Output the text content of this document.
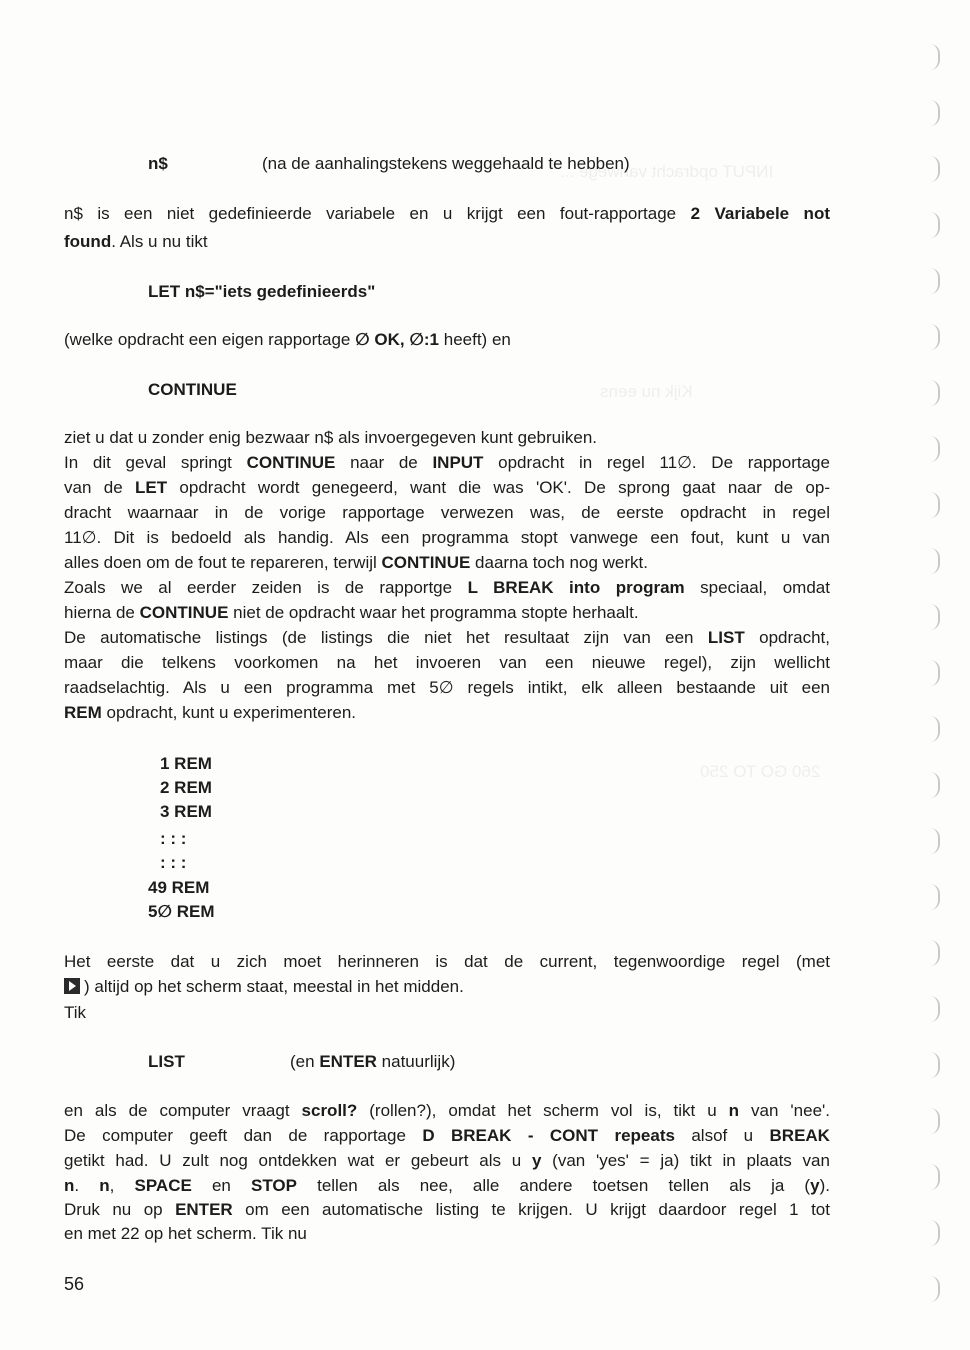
INPUT opdracht vanwege ...
Kijk nu eens
260 GO TO 250
n$	(na de aanhalingstekens weggehaald te hebben)
n$ is een niet gedefinieerde variabele en u krijgt een fout-rapportage 2 Variabele not
found. Als u nu tikt
LET n$="iets gedefinieerds"
(welke opdracht een eigen rapportage ∅ OK, ∅:1 heeft) en
CONTINUE
ziet u dat u zonder enig bezwaar n$ als invoergegeven kunt gebruiken.
In dit geval springt CONTINUE naar de INPUT opdracht in regel 11∅. De rapportage
van de LET opdracht wordt genegeerd, want die was 'OK'. De sprong gaat naar de op-
dracht waarnaar in de vorige rapportage verwezen was, de eerste opdracht in regel
11∅. Dit is bedoeld als handig. Als een programma stopt vanwege een fout, kunt u van
alles doen om de fout te repareren, terwijl CONTINUE daarna toch nog werkt.
Zoals we al eerder zeiden is de rapportge L BREAK into program speciaal, omdat
hierna de CONTINUE niet de opdracht waar het programma stopte herhaalt.
De automatische listings (de listings die niet het resultaat zijn van een LIST opdracht,
maar die telkens voorkomen na het invoeren van een nieuwe regel), zijn wellicht
raadselachtig. Als u een programma met 5∅ regels intikt, elk alleen bestaande uit een
REM opdracht, kunt u experimenteren.
1 REM
2 REM
3 REM
: : :
: : :
49 REM
5∅ REM
Het eerste dat u zich moet herinneren is dat de current, tegenwoordige regel (met
) altijd op het scherm staat, meestal in het midden.
Tik
LIST	(en ENTER natuurlijk)
en als de computer vraagt scroll? (rollen?), omdat het scherm vol is, tikt u n van 'nee'.
De computer geeft dan de rapportage D BREAK - CONT repeats alsof u BREAK
getikt had. U zult nog ontdekken wat er gebeurt als u y (van 'yes' = ja) tikt in plaats van
n. n, SPACE en STOP tellen als nee, alle andere toetsen tellen als ja (y).
Druk nu op ENTER om een automatische listing te krijgen. U krijgt daardoor regel 1 tot
en met 22 op het scherm. Tik nu
56
